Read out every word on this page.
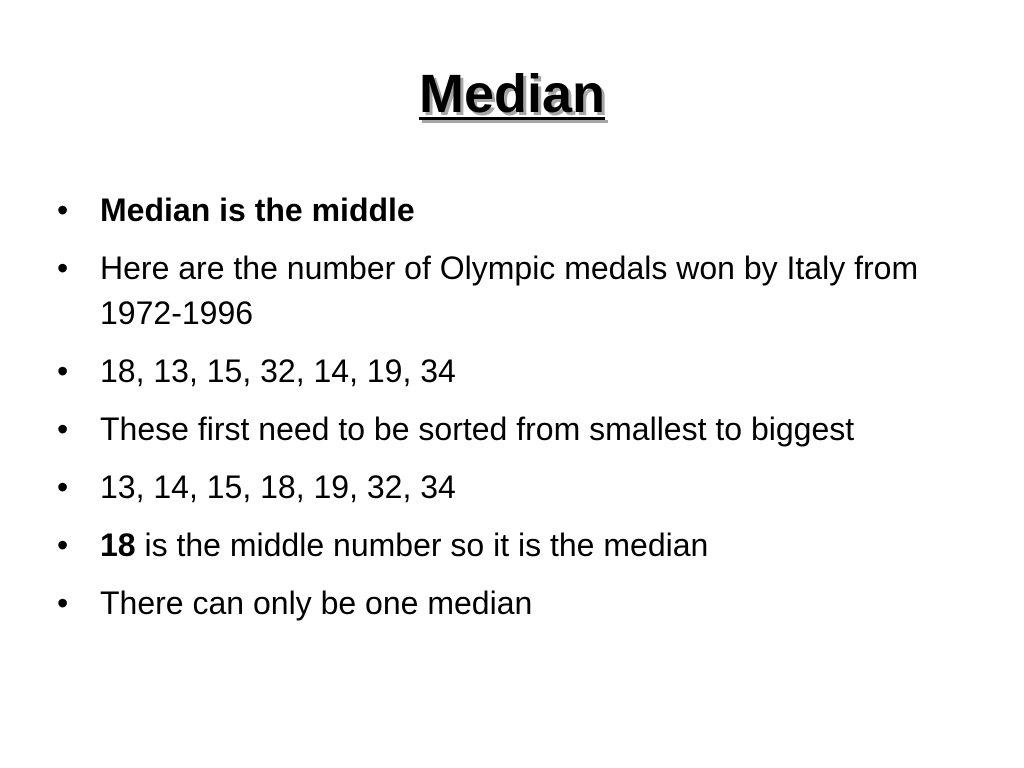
Median
• Median is the middle
• Here are the number of Olympic medals won by Italy from 1972-1996
• 18, 13, 15, 32, 14, 19, 34
• These first need to be sorted from smallest to biggest
• 13, 14, 15, 18, 19, 32, 34
• 18 is the middle number so it is the median
• There can only be one median
